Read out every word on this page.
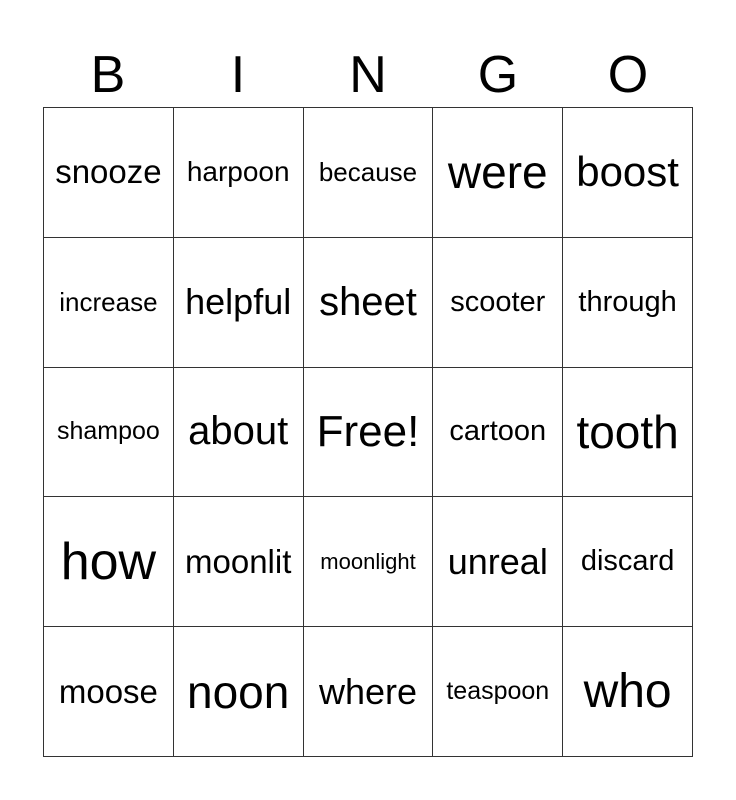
B	I	N	G	O
snooze	harpoon	because	were	boost
increase	helpful	sheet	scooter	through
shampoo	about	Free!	cartoon	tooth
how	moonlit	moonlight	unreal	discard
moose	noon	where	teaspoon	who
